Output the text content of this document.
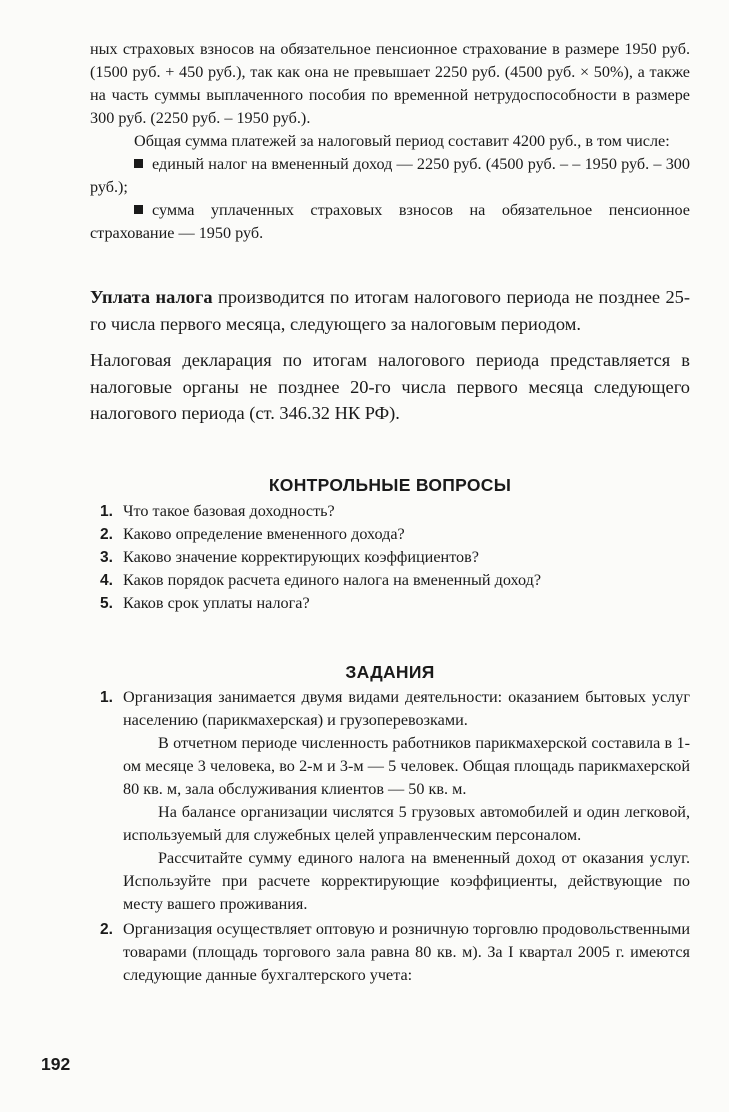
ных страховых взносов на обязательное пенсионное страхование в размере 1950 руб. (1500 руб. + 450 руб.), так как она не превышает 2250 руб. (4500 руб. × 50%), а также на часть суммы выплаченного пособия по временной нетрудоспособности в размере 300 руб. (2250 руб. – 1950 руб.).

Общая сумма платежей за налоговый период составит 4200 руб., в том числе:

единый налог на вмененный доход — 2250 руб. (4500 руб. – – 1950 руб. – 300 руб.);

сумма уплаченных страховых взносов на обязательное пенсионное страхование — 1950 руб.

Уплата налога производится по итогам налогового периода не позднее 25-го числа первого месяца, следующего за налоговым периодом.

Налоговая декларация по итогам налогового периода представляется в налоговые органы не позднее 20-го числа первого месяца следующего налогового периода (ст. 346.32 НК РФ).

КОНТРОЛЬНЫЕ ВОПРОСЫ
1. Что такое базовая доходность?
2. Каково определение вмененного дохода?
3. Каково значение корректирующих коэффициентов?
4. Каков порядок расчета единого налога на вмененный доход?
5. Каков срок уплаты налога?
ЗАДАНИЯ
1. Организация занимается двумя видами деятельности: оказанием бытовых услуг населению (парикмахерская) и грузоперевозками.

В отчетном периоде численность работников парикмахерской составила в 1-ом месяце 3 человека, во 2-м и 3-м — 5 человек. Общая площадь парикмахерской 80 кв. м, зала обслуживания клиентов — 50 кв. м.

На балансе организации числятся 5 грузовых автомобилей и один легковой, используемый для служебных целей управленческим персоналом.

Рассчитайте сумму единого налога на вмененный доход от оказания услуг. Используйте при расчете корректирующие коэффициенты, действующие по месту вашего проживания.

2. Организация осуществляет оптовую и розничную торговлю продовольственными товарами (площадь торгового зала равна 80 кв. м). За I квартал 2005 г. имеются следующие данные бухгалтерского учета:

192
